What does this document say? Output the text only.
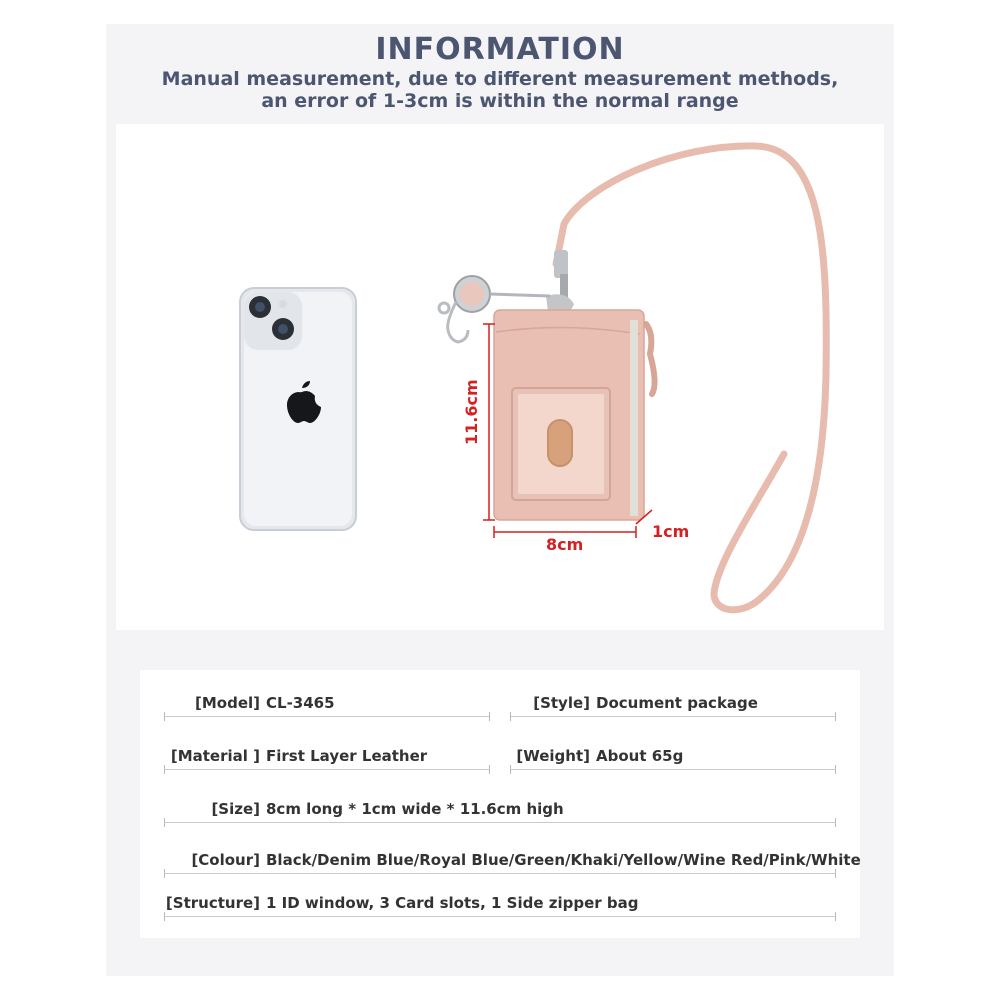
INFORMATION
Manual measurement, due to different measurement methods,
an error of 1-3cm is within the normal range
11.6cm
8cm
1cm
[Model] CL-3465	[Style] Document package
[Material ] First Layer Leather	[Weight] About 65g
[Size] 8cm long * 1cm wide * 11.6cm high
[Colour] Black/Denim Blue/Royal Blue/Green/Khaki/Yellow/Wine Red/Pink/White
[Structure] 1 ID window, 3 Card slots, 1 Side zipper bag
